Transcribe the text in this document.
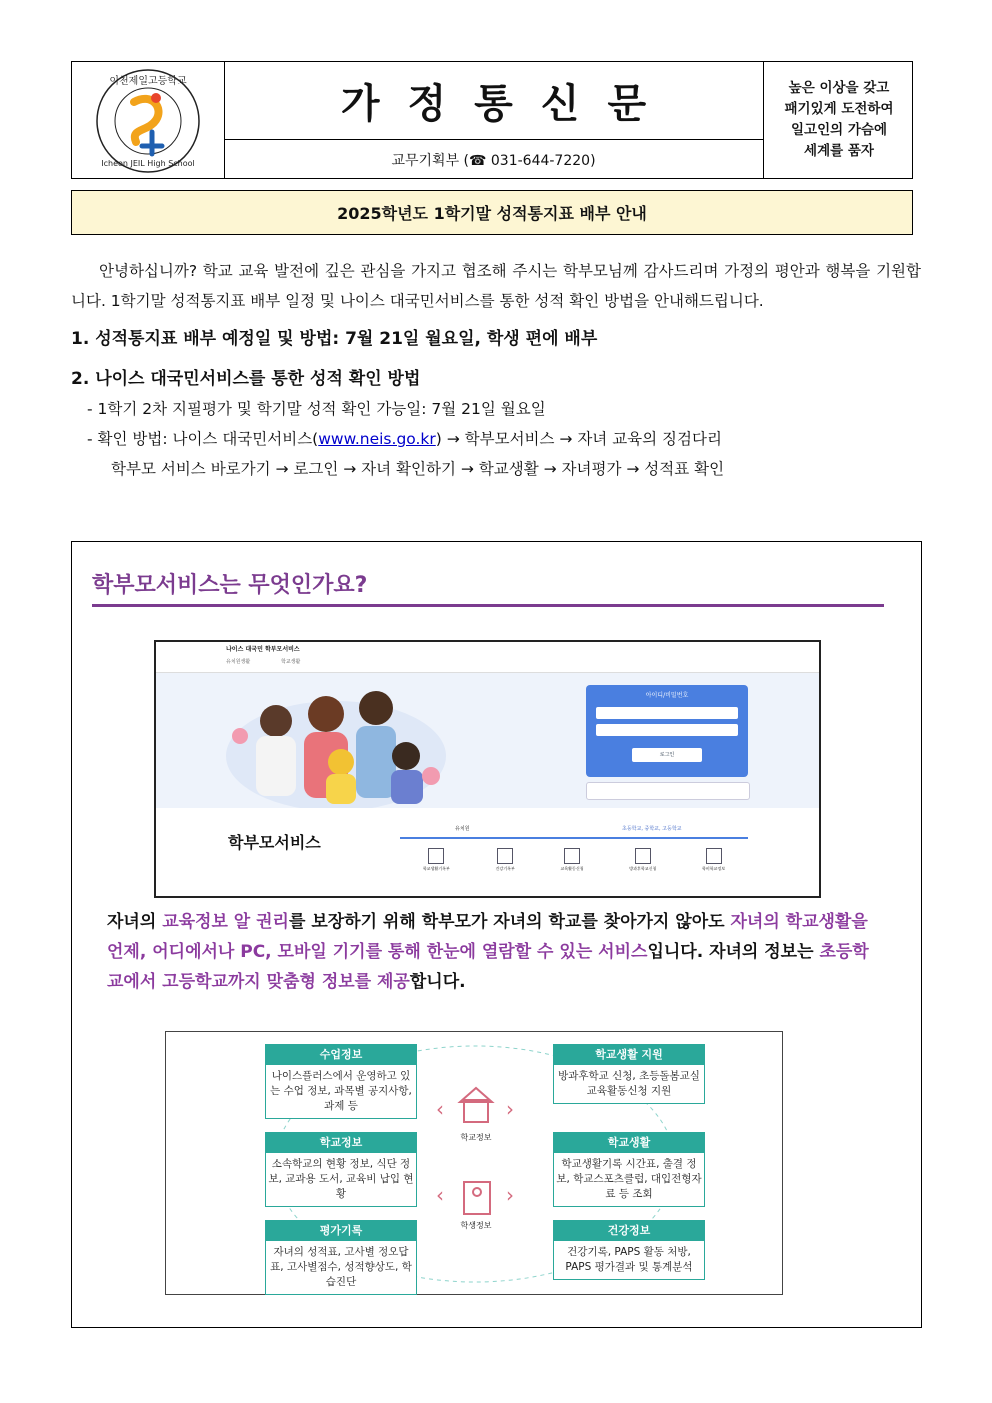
이천제일고등학교
Icheon JEIL High School
가정통신문
교무기획부 (☎ 031-644-7220)
높은 이상을 갖고
패기있게 도전하여
일고인의 가슴에
세계를 품자
2025학년도 1학기말 성적통지표 배부 안내
안녕하십니까? 학교 교육 발전에 깊은 관심을 가지고 협조해 주시는 학부모님께 감사드리며 가정의 평안과 행복을 기원합니다. 1학기말 성적통지표 배부 일정 및 나이스 대국민서비스를 통한 성적 확인 방법을 안내해드립니다.
1. 성적통지표 배부 예정일 및 방법: 7월 21일 월요일, 학생 편에 배부
2. 나이스 대국민서비스를 통한 성적 확인 방법
- 1학기 2차 지필평가 및 학기말 성적 확인 가능일: 7월 21일 월요일
- 확인 방법: 나이스 대국민서비스(www.neis.go.kr) → 학부모서비스 → 자녀 교육의 징검다리
학부모 서비스 바로가기 → 로그인 → 자녀 확인하기 → 학교생활 → 자녀평가 → 성적표 확인
학부모서비스는 무엇인가요?
나이스 대국민 학부모서비스
유치원생활	학교생활
아이디/비밀번호
로그인
학부모서비스
유치원	초등학교, 중학교, 고등학교
학교생활기록부	건강기록부	교육활동신청	방과후학교신청	학비학교정보
자녀의 교육정보 알 권리를 보장하기 위해 학부모가 자녀의 학교를 찾아가지 않아도 자녀의 학교생활을 언제, 어디에서나 PC, 모바일 기기를 통해 한눈에 열람할 수 있는 서비스입니다. 자녀의 정보는 초등학교에서 고등학교까지 맞춤형 정보를 제공합니다.
‹	›
‹	›
학교정보
학생정보
수업정보
나이스플러스에서 운영하고 있는 수업 정보, 과목별 공지사항, 과제 등
학교생활 지원
방과후학교 신청, 초등돌봄교실 교육활동신청 지원
학교정보
소속학교의 현황 정보, 식단 정보, 교과용 도서, 교육비 납입 현황
학교생활
학교생활기록 시간표, 출결 정보, 학교스포츠클럽, 대입전형자료 등 조회
평가기록
자녀의 성적표, 고사별 정오답표, 고사별점수, 성적향상도, 학습진단
건강정보
건강기록, PAPS 활동 처방, PAPS 평가결과 및 통계분석
